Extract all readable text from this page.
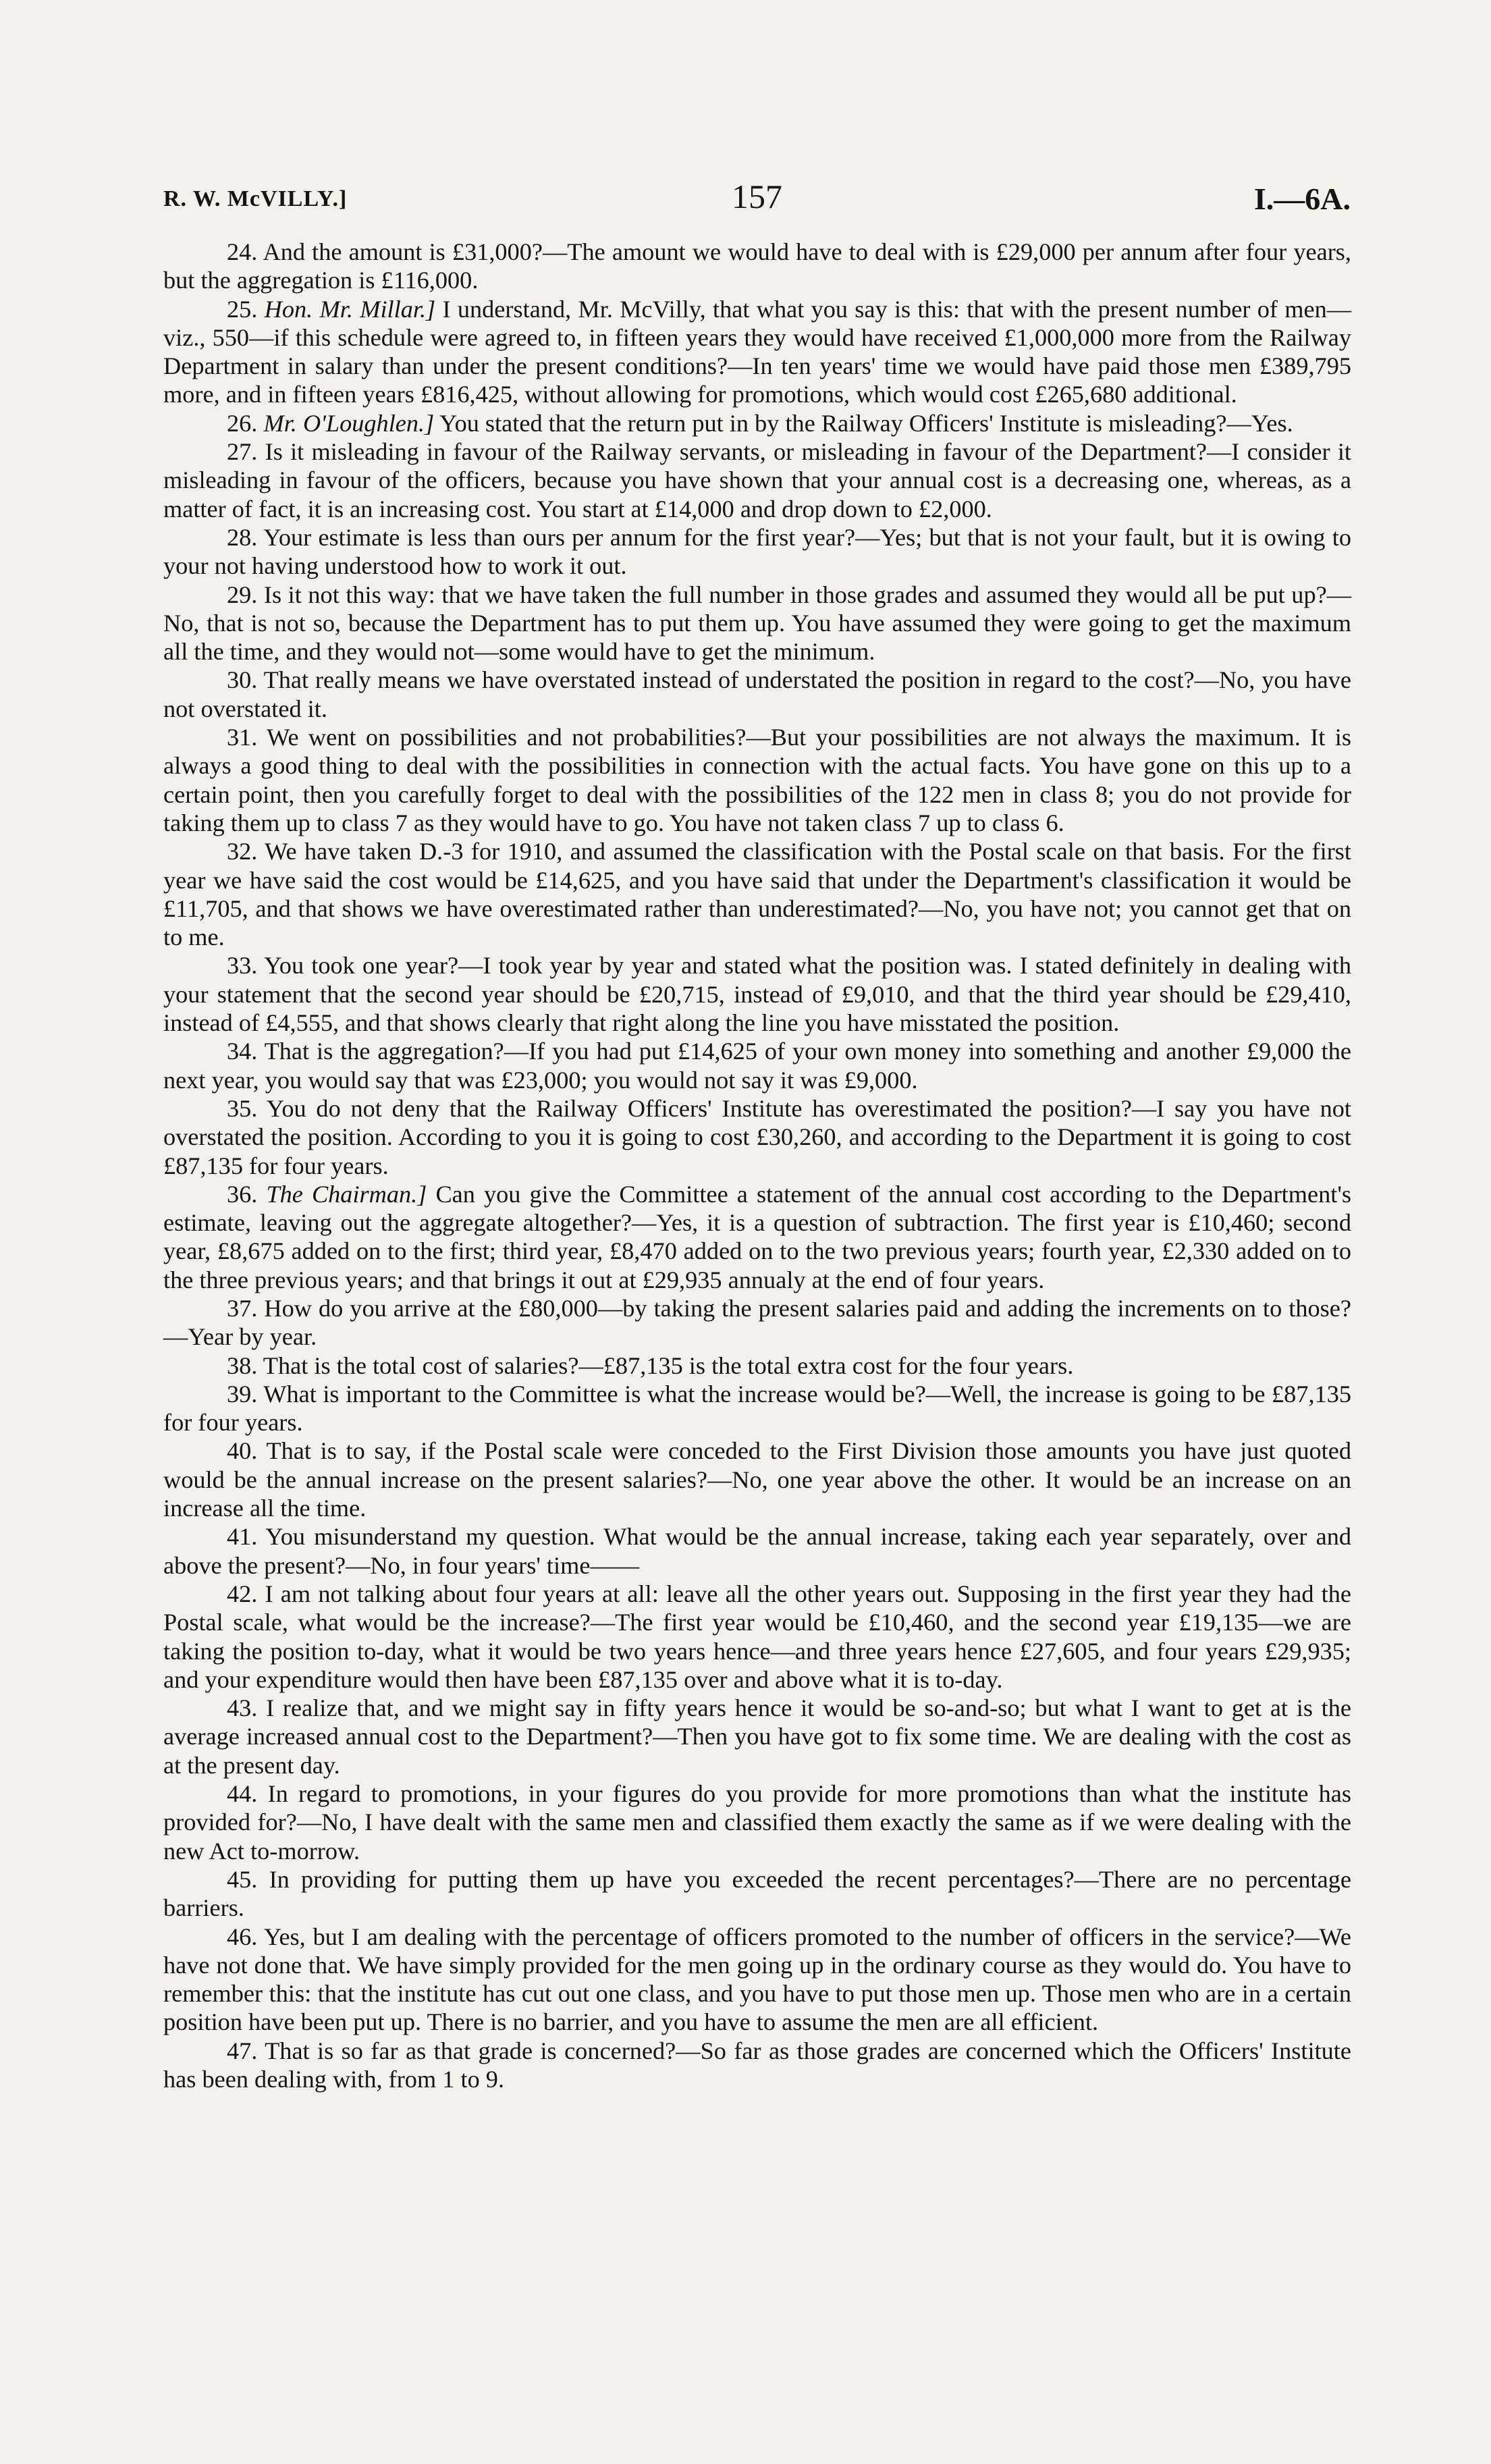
R. W. McVILLY.]	157	I.—6A.

24. And the amount is £31,000?—The amount we would have to deal with is £29,000 per annum after four years, but the aggregation is £116,000.

25. Hon. Mr. Millar.] I understand, Mr. McVilly, that what you say is this: that with the present number of men—viz., 550—if this schedule were agreed to, in fifteen years they would have received £1,000,000 more from the Railway Department in salary than under the present conditions?—In ten years' time we would have paid those men £389,795 more, and in fifteen years £816,425, without allowing for promotions, which would cost £265,680 additional.

26. Mr. O'Loughlen.] You stated that the return put in by the Railway Officers' Institute is misleading?—Yes.

27. Is it misleading in favour of the Railway servants, or misleading in favour of the Department?—I consider it misleading in favour of the officers, because you have shown that your annual cost is a decreasing one, whereas, as a matter of fact, it is an increasing cost. You start at £14,000 and drop down to £2,000.

28. Your estimate is less than ours per annum for the first year?—Yes; but that is not your fault, but it is owing to your not having understood how to work it out.

29. Is it not this way: that we have taken the full number in those grades and assumed they would all be put up?—No, that is not so, because the Department has to put them up. You have assumed they were going to get the maximum all the time, and they would not—some would have to get the minimum.

30. That really means we have overstated instead of understated the position in regard to the cost?—No, you have not overstated it.

31. We went on possibilities and not probabilities?—But your possibilities are not always the maximum. It is always a good thing to deal with the possibilities in connection with the actual facts. You have gone on this up to a certain point, then you carefully forget to deal with the possibilities of the 122 men in class 8; you do not provide for taking them up to class 7 as they would have to go. You have not taken class 7 up to class 6.

32. We have taken D.-3 for 1910, and assumed the classification with the Postal scale on that basis. For the first year we have said the cost would be £14,625, and you have said that under the Department's classification it would be £11,705, and that shows we have overestimated rather than underestimated?—No, you have not; you cannot get that on to me.

33. You took one year?—I took year by year and stated what the position was. I stated definitely in dealing with your statement that the second year should be £20,715, instead of £9,010, and that the third year should be £29,410, instead of £4,555, and that shows clearly that right along the line you have misstated the position.

34. That is the aggregation?—If you had put £14,625 of your own money into something and another £9,000 the next year, you would say that was £23,000; you would not say it was £9,000.

35. You do not deny that the Railway Officers' Institute has overestimated the position?—I say you have not overstated the position. According to you it is going to cost £30,260, and according to the Department it is going to cost £87,135 for four years.

36. The Chairman.] Can you give the Committee a statement of the annual cost according to the Department's estimate, leaving out the aggregate altogether?—Yes, it is a question of subtraction. The first year is £10,460; second year, £8,675 added on to the first; third year, £8,470 added on to the two previous years; fourth year, £2,330 added on to the three previous years; and that brings it out at £29,935 annualy at the end of four years.

37. How do you arrive at the £80,000—by taking the present salaries paid and adding the increments on to those?—Year by year.

38. That is the total cost of salaries?—£87,135 is the total extra cost for the four years.

39. What is important to the Committee is what the increase would be?—Well, the increase is going to be £87,135 for four years.

40. That is to say, if the Postal scale were conceded to the First Division those amounts you have just quoted would be the annual increase on the present salaries?—No, one year above the other. It would be an increase on an increase all the time.

41. You misunderstand my question. What would be the annual increase, taking each year separately, over and above the present?—No, in four years' time——

42. I am not talking about four years at all: leave all the other years out. Supposing in the first year they had the Postal scale, what would be the increase?—The first year would be £10,460, and the second year £19,135—we are taking the position to-day, what it would be two years hence—and three years hence £27,605, and four years £29,935; and your expenditure would then have been £87,135 over and above what it is to-day.

43. I realize that, and we might say in fifty years hence it would be so-and-so; but what I want to get at is the average increased annual cost to the Department?—Then you have got to fix some time. We are dealing with the cost as at the present day.

44. In regard to promotions, in your figures do you provide for more promotions than what the institute has provided for?—No, I have dealt with the same men and classified them exactly the same as if we were dealing with the new Act to-morrow.

45. In providing for putting them up have you exceeded the recent percentages?—There are no percentage barriers.

46. Yes, but I am dealing with the percentage of officers promoted to the number of officers in the service?—We have not done that. We have simply provided for the men going up in the ordinary course as they would do. You have to remember this: that the institute has cut out one class, and you have to put those men up. Those men who are in a certain position have been put up. There is no barrier, and you have to assume the men are all efficient.

47. That is so far as that grade is concerned?—So far as those grades are concerned which the Officers' Institute has been dealing with, from 1 to 9.
